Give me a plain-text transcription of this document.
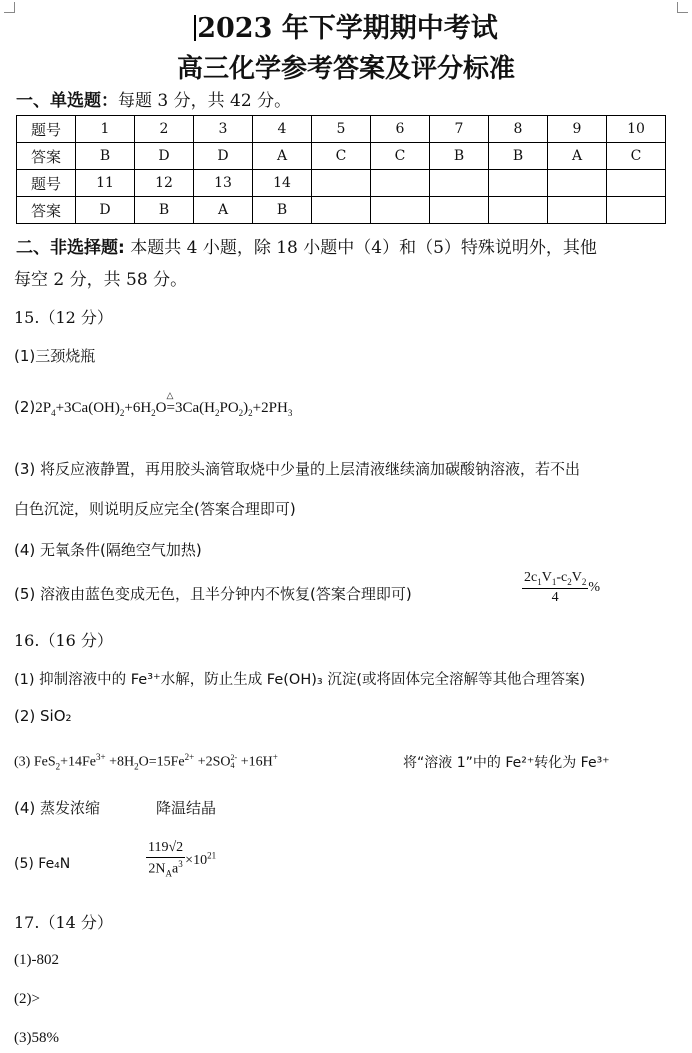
2023 年下学期期中考试
高三化学参考答案及评分标准
一、单选题：每题 3 分，共 42 分。
题号	1	2	3	4	5	6	7	8	9	10
答案	B	D	D	A	C	C	B	B	A	C
题号	11	12	13	14						
答案	D	B	A	B						
二、非选择题: 本题共 4 小题，除 18 小题中（4）和（5）特殊说明外，其他
每空 2 分，共 58 分。
15.（12 分）
(1)三颈烧瓶
$(2)2P_4+3Ca(OH)_2+6H_2O=$
△
$3Ca(H_2PO_2)_2+2PH_3$
(3) 将反应液静置，再用胶头滴管取烧中少量的上层清液继续滴加碳酸钠溶液，若不出
白色沉淀，则说明反应完全(答案合理即可)
(4) 无氧条件(隔绝空气加热)
(5) 溶液由蓝色变成无色，且半分钟内不恢复(答案合理即可)	$\frac{2c_1V_1-c_2V_2}{4}$ %
16.（16 分）
(1) 抑制溶液中的 Fe³⁺水解，防止生成 Fe(OH)₃ 沉淀(或将固体完全溶解等其他合理答案)
(2) SiO₂
(3) $FeS_2+14Fe^{3+} +8H_2O=15Fe^{2+} +2SO2-$
4 +16H+	将“溶液 1”中的 Fe²⁺转化为 Fe³⁺
(4) 蒸发浓缩	降温结晶
(5) Fe₄N	$\frac{119√2}{2N_Aa^3} \times 10^{21}$
17.（14 分）
(1)-802
(2)>
(3)58%
